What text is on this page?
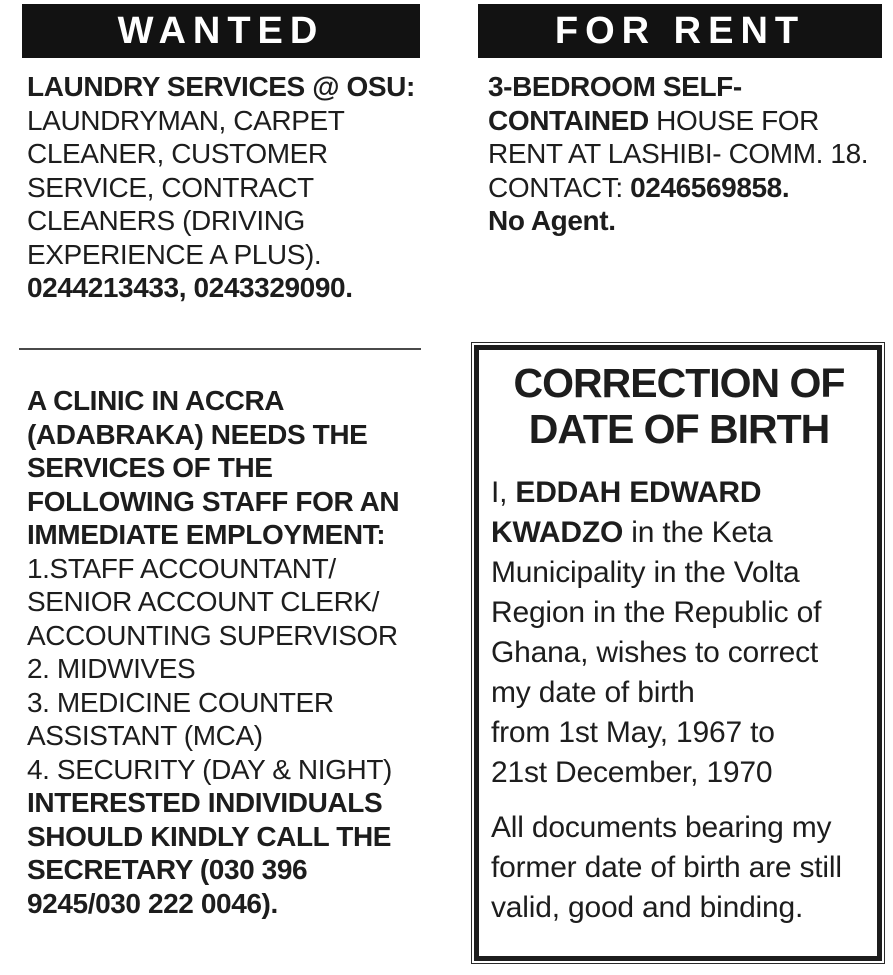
WANTED
LAUNDRY SERVICES @ OSU:
LAUNDRYMAN, CARPET
CLEANER, CUSTOMER
SERVICE, CONTRACT
CLEANERS (DRIVING
EXPERIENCE A PLUS).
0244213433, 0243329090.
A CLINIC IN ACCRA
(ADABRAKA) NEEDS THE
SERVICES OF THE
FOLLOWING STAFF FOR AN
IMMEDIATE EMPLOYMENT:
1.STAFF ACCOUNTANT/
SENIOR ACCOUNT CLERK/
ACCOUNTING SUPERVISOR
2. MIDWIVES
3. MEDICINE COUNTER
ASSISTANT (MCA)
4. SECURITY (DAY & NIGHT)
INTERESTED INDIVIDUALS
SHOULD KINDLY CALL THE
SECRETARY (030 396
9245/030 222 0046).
FOR RENT
3-BEDROOM SELF-
CONTAINED HOUSE FOR
RENT AT LASHIBI- COMM. 18.
CONTACT: 0246569858.
No Agent.
CORRECTION OF
DATE OF BIRTH
I, EDDAH EDWARD
KWADZO in the Keta
Municipality in the Volta
Region in the Republic of
Ghana, wishes to correct
my date of birth
from 1st May, 1967 to
21st December, 1970
All documents bearing my
former date of birth are still
valid, good and binding.
